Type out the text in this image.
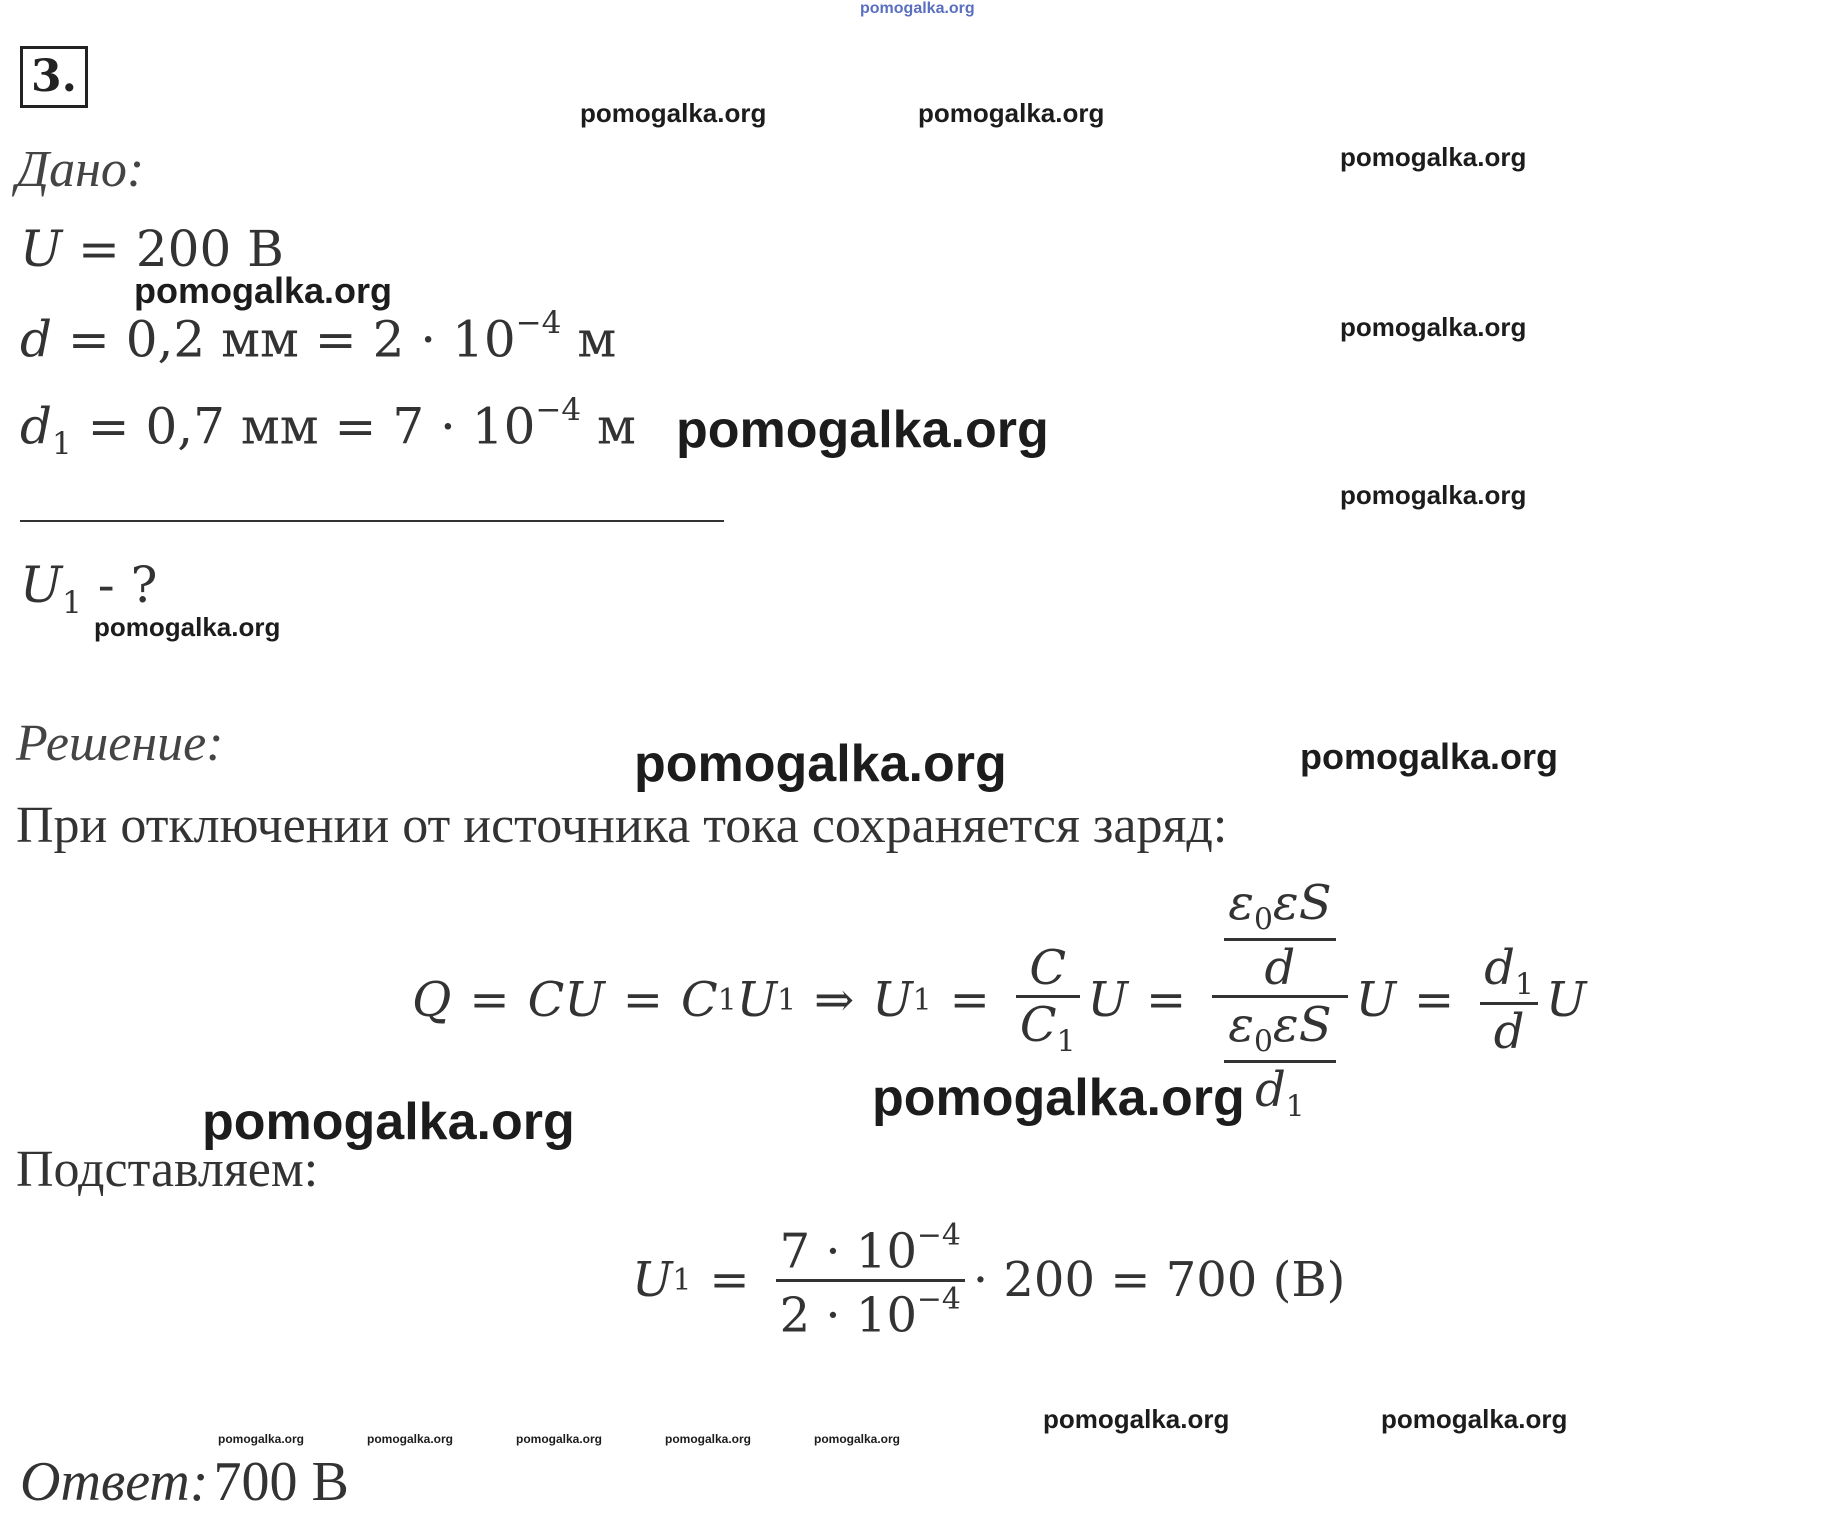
pomogalka.org
pomogalka.org	pomogalka.org
pomogalka.org
pomogalka.org
pomogalka.org
pomogalka.org
pomogalka.org
pomogalka.org	pomogalka.org
pomogalka.org	pomogalka.org	pomogalka.org	pomogalka.org	pomogalka.org
3.
Дано:
U = 200 В
pomogalka.org
d = 0,2 мм = $2 \cdot 10^{-4}$ м
$d_1 = 0,7$ мм = $7 \cdot 10^{-4}$ м pomogalka.org
$U_1$ - ?
Решение:	pomogalka.org
При отключении от источника тока сохраняется заряд:
Q = C U = C 1 U 1 ⇒ U $1 = \frac{C}{C_1}$ $U = \frac{\frac{\varepsilon_0\varepsilon S}{d}}{\frac{\varepsilon_0\varepsilon S}{d_1}}$ $U = \frac{d_1}{d}$ U
pomogalka.org
pomogalka.org
Подставляем:
U $1 = \frac{7 \cdot 10^{-4}}{2 \cdot 10^{-4}} \cdot 200 = 700$ (В)
Ответ: 700 В
